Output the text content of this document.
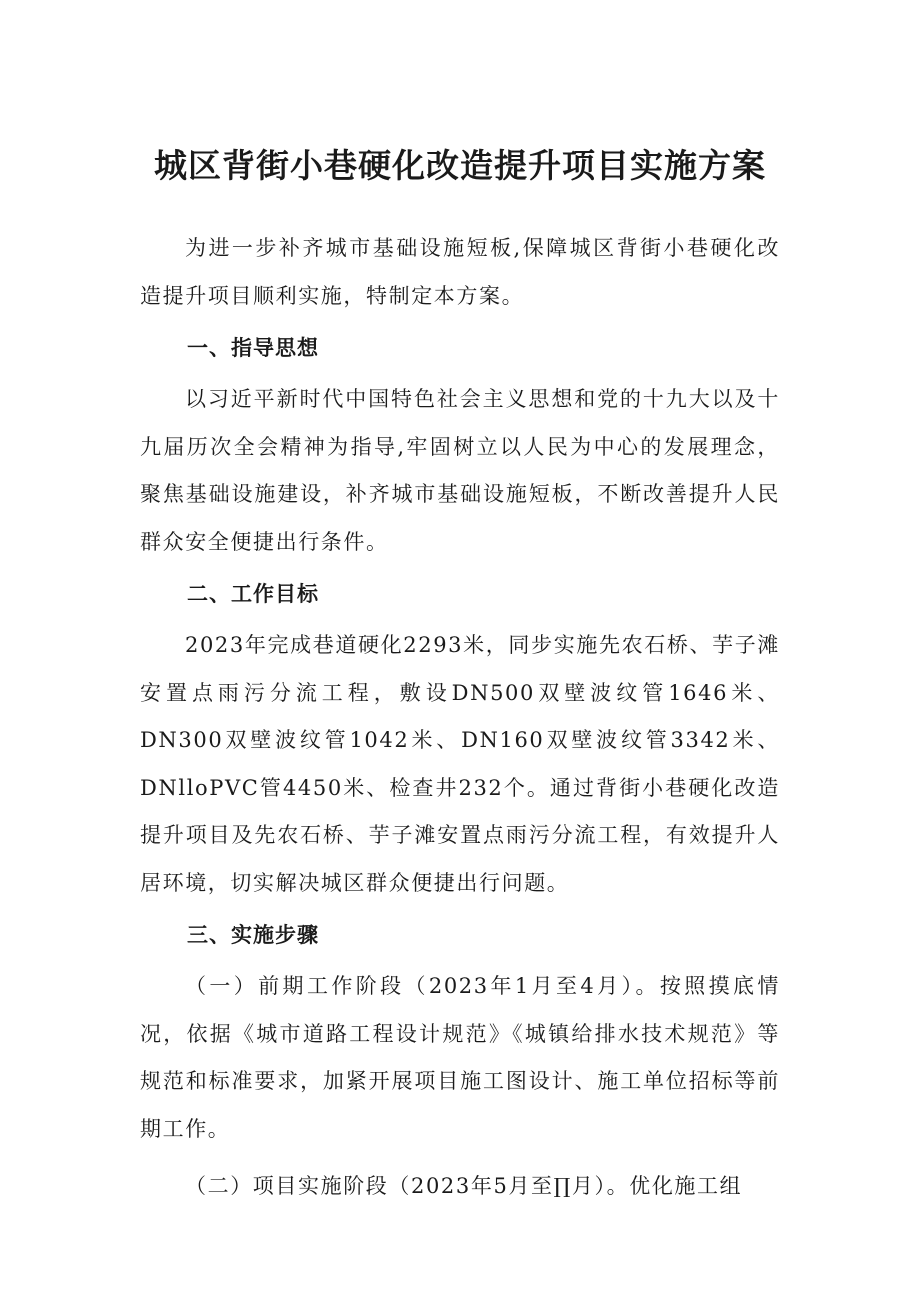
城区背街小巷硬化改造提升项目实施方案

为进一步补齐城市基础设施短板,保障城区背街小巷硬化改造提升项目顺利实施，特制定本方案。

一、指导思想

以习近平新时代中国特色社会主义思想和党的十九大以及十九届历次全会精神为指导,牢固树立以人民为中心的发展理念，聚焦基础设施建设，补齐城市基础设施短板，不断改善提升人民群众安全便捷出行条件。

二、工作目标

2023年完成巷道硬化2293米，同步实施先农石桥、芋子滩安置点雨污分流工程，敷设DN500双壁波纹管1646米、DN300双壁波纹管1042米、DN160双壁波纹管3342米、DNlloPVC管4450米、检查井232个。通过背街小巷硬化改造提升项目及先农石桥、芋子滩安置点雨污分流工程，有效提升人居环境，切实解决城区群众便捷出行问题。

三、实施步骤

（一）前期工作阶段（2023年1月至4月）。按照摸底情况，依据《城市道路工程设计规范》《城镇给排水技术规范》等规范和标准要求，加紧开展项目施工图设计、施工单位招标等前期工作。

（二）项目实施阶段（2023年5月至∏月）。优化施工组
